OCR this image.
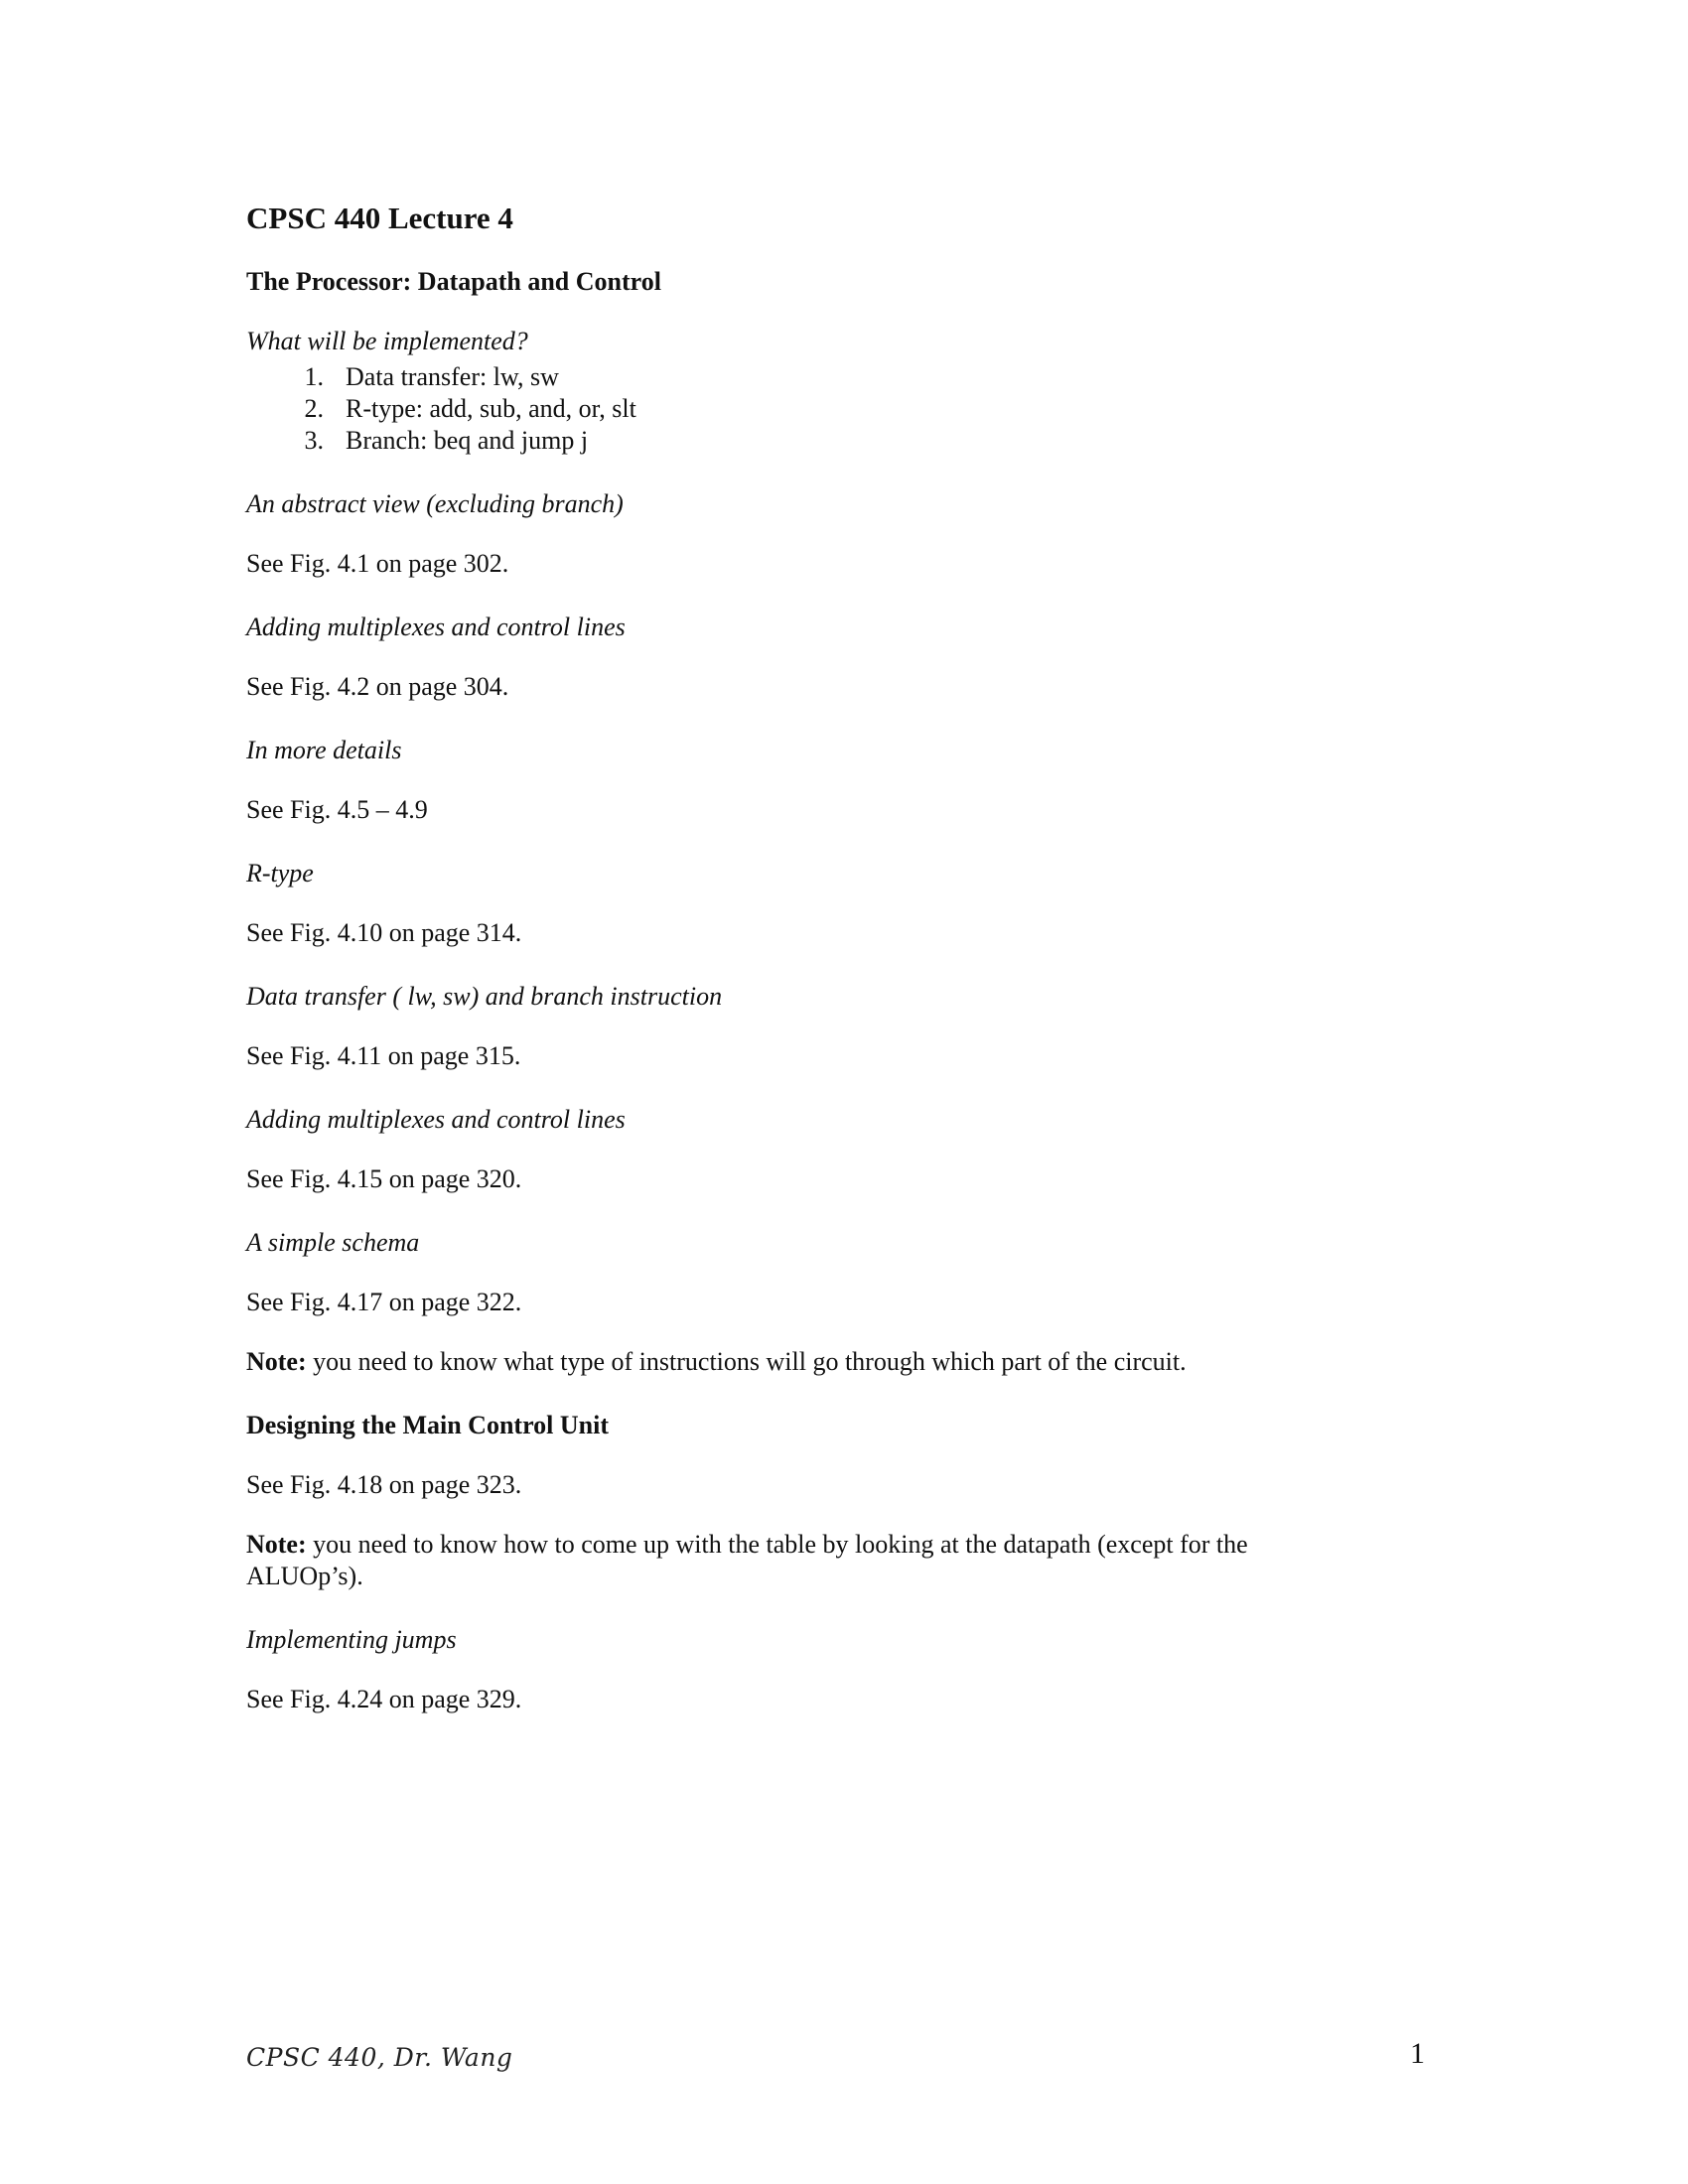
CPSC 440 Lecture 4

The Processor: Datapath and Control

What will be implemented?

1. Data transfer: lw, sw
2. R-type: add, sub, and, or, slt
3. Branch: beq and jump j

An abstract view (excluding branch)

See Fig. 4.1 on page 302.

Adding multiplexes and control lines

See Fig. 4.2 on page 304.

In more details

See Fig. 4.5 – 4.9

R-type

See Fig. 4.10 on page 314.

Data transfer ( lw, sw) and branch instruction

See Fig. 4.11 on page 315.

Adding multiplexes and control lines

See Fig. 4.15 on page 320.

A simple schema

See Fig. 4.17 on page 322.

Note: you need to know what type of instructions will go through which part of the circuit.

Designing the Main Control Unit

See Fig. 4.18 on page 323.

Note: you need to know how to come up with the table by looking at the datapath (except for the ALUOp’s).

Implementing jumps

See Fig. 4.24 on page 329.

CPSC 440, Dr. Wang	1
